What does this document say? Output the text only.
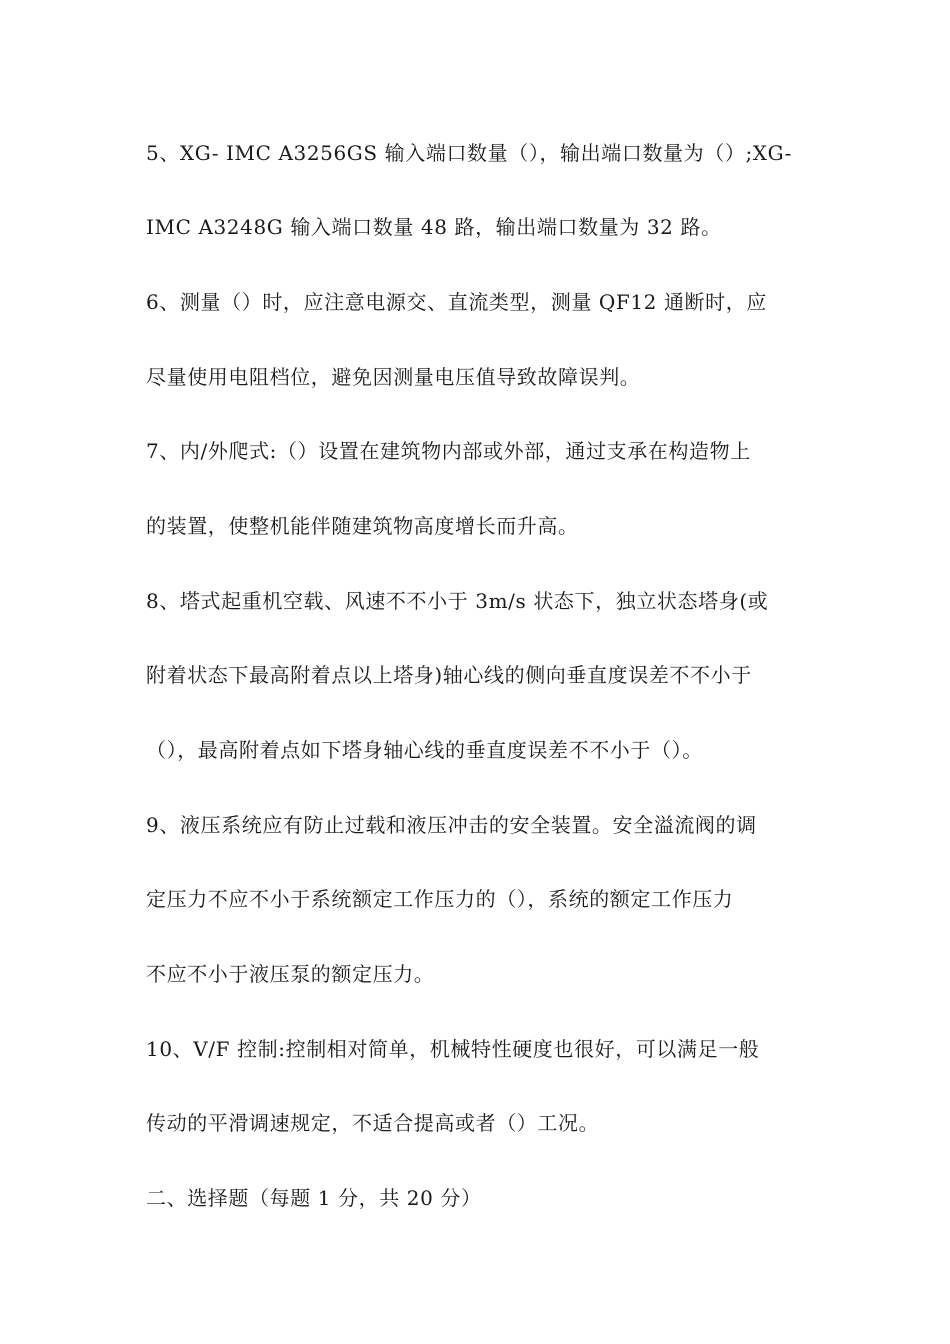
5、XG- IMC A3256GS 输入端口数量（），输出端口数量为（）;XG-
IMC A3248G 输入端口数量 48 路，输出端口数量为 32 路。
6、测量（）时，应注意电源交、直流类型，测量 QF12 通断时，应
尽量使用电阻档位，避免因测量电压值导致故障误判。
7、内/外爬式:（）设置在建筑物内部或外部，通过支承在构造物上
的装置，使整机能伴随建筑物高度增长而升高。
8、塔式起重机空载、风速不不小于 3m/s 状态下，独立状态塔身(或
附着状态下最高附着点以上塔身)轴心线的侧向垂直度误差不不小于
（），最高附着点如下塔身轴心线的垂直度误差不不小于（）。
9、液压系统应有防止过载和液压冲击的安全装置。安全溢流阀的调
定压力不应不小于系统额定工作压力的（），系统的额定工作压力
不应不小于液压泵的额定压力。
10、V/F 控制:控制相对简单，机械特性硬度也很好，可以满足一般
传动的平滑调速规定，不适合提高或者（）工况。
二、选择题（每题 1 分，共 20 分）
